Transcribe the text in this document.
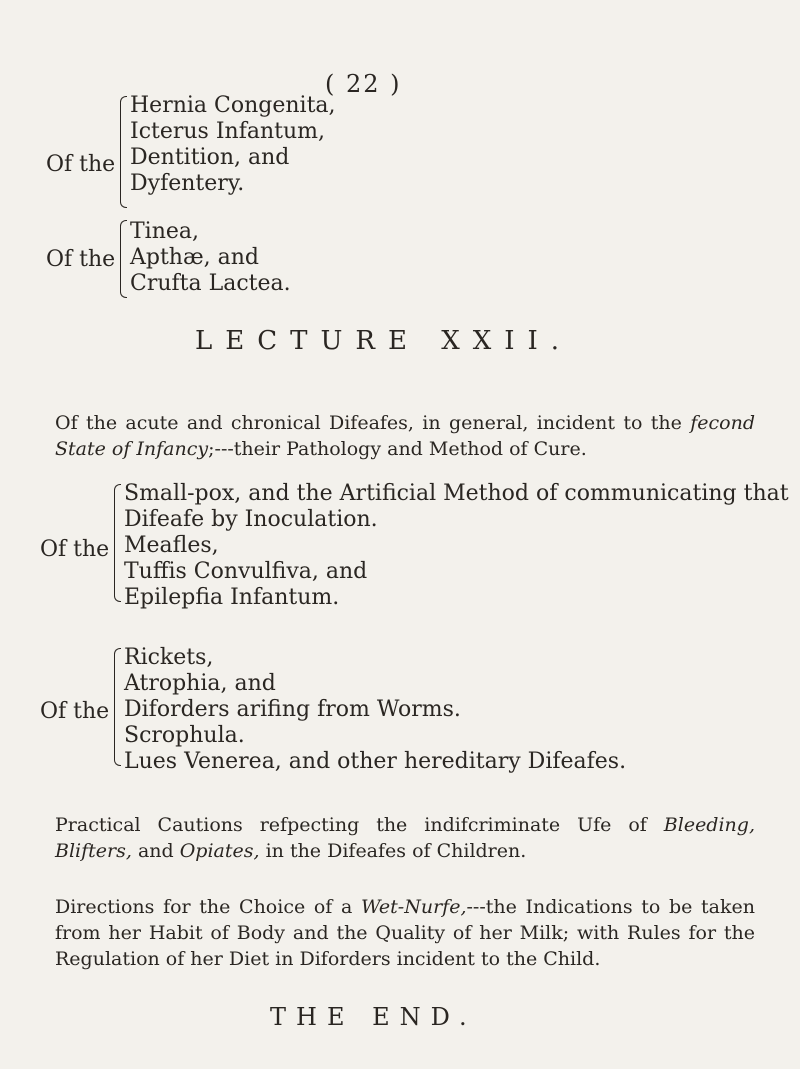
( 22 )
Of the
Hernia Congenita,
Icterus Infantum,
Dentition, and
Dyfentery.
Of the
Tinea,
Apthæ, and
Crufta Lactea.
LECTURE XXII.
Of the acute and chronical Difeafes, in general, incident to the fecond State of Infancy;---their Pathology and Method of Cure.
Of the
Small-pox, and the Artificial Method of communicating that
Difeafe by Inoculation.
Meafles,
Tuffis Convulfiva, and
Epilepfia Infantum.
Of the
Rickets,
Atrophia, and
Diforders arifing from Worms.
Scrophula.
Lues Venerea, and other hereditary Difeafes.
Practical Cautions refpecting the indifcriminate Ufe of Bleeding, Blifters, and Opiates, in the Difeafes of Children.
Directions for the Choice of a Wet-Nurfe,---the Indications to be taken from her Habit of Body and the Quality of her Milk; with Rules for the Regulation of her Diet in Diforders incident to the Child.
THE END.
